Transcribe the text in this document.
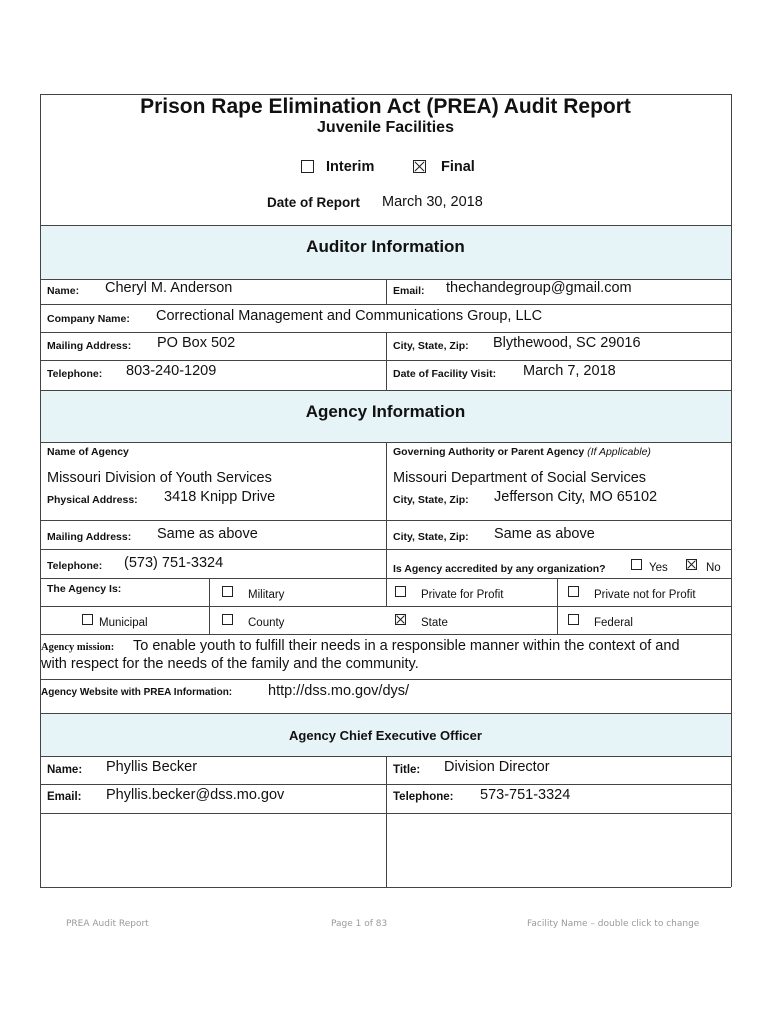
Prison Rape Elimination Act (PREA) Audit Report
Juvenile Facilities
Interim	Final
Date of Report March 30, 2018
Auditor Information
Name: Cheryl M. Anderson	Email: thechandegroup@gmail.com
Company Name: Correctional Management and Communications Group, LLC
Mailing Address: PO Box 502	City, State, Zip: Blythewood, SC 29016
Telephone: 803-240-1209	Date of Facility Visit: March 7, 2018
Agency Information
Name of Agency
Missouri Division of Youth Services
Governing Authority or Parent Agency (If Applicable)
Missouri Department of Social Services
Physical Address: 3418 Knipp Drive	City, State, Zip: Jefferson City, MO 65102
Mailing Address: Same as above	City, State, Zip: Same as above
Telephone: (573) 751-3324	Is Agency accredited by any organization?	Yes	No
The Agency Is:	Military	Private for Profit	Private not for Profit
Municipal	County	State	Federal
Agency mission: To enable youth to fulfill their needs in a responsible manner within the context of and
with respect for the needs of the family and the community.
Agency Website with PREA Information: http://dss.mo.gov/dys/
Agency Chief Executive Officer
Name: Phyllis Becker	Title: Division Director
Email: Phyllis.becker@dss.mo.gov	Telephone: 573-751-3324
PREA Audit Report	Page 1 of 83	Facility Name – double click to change
